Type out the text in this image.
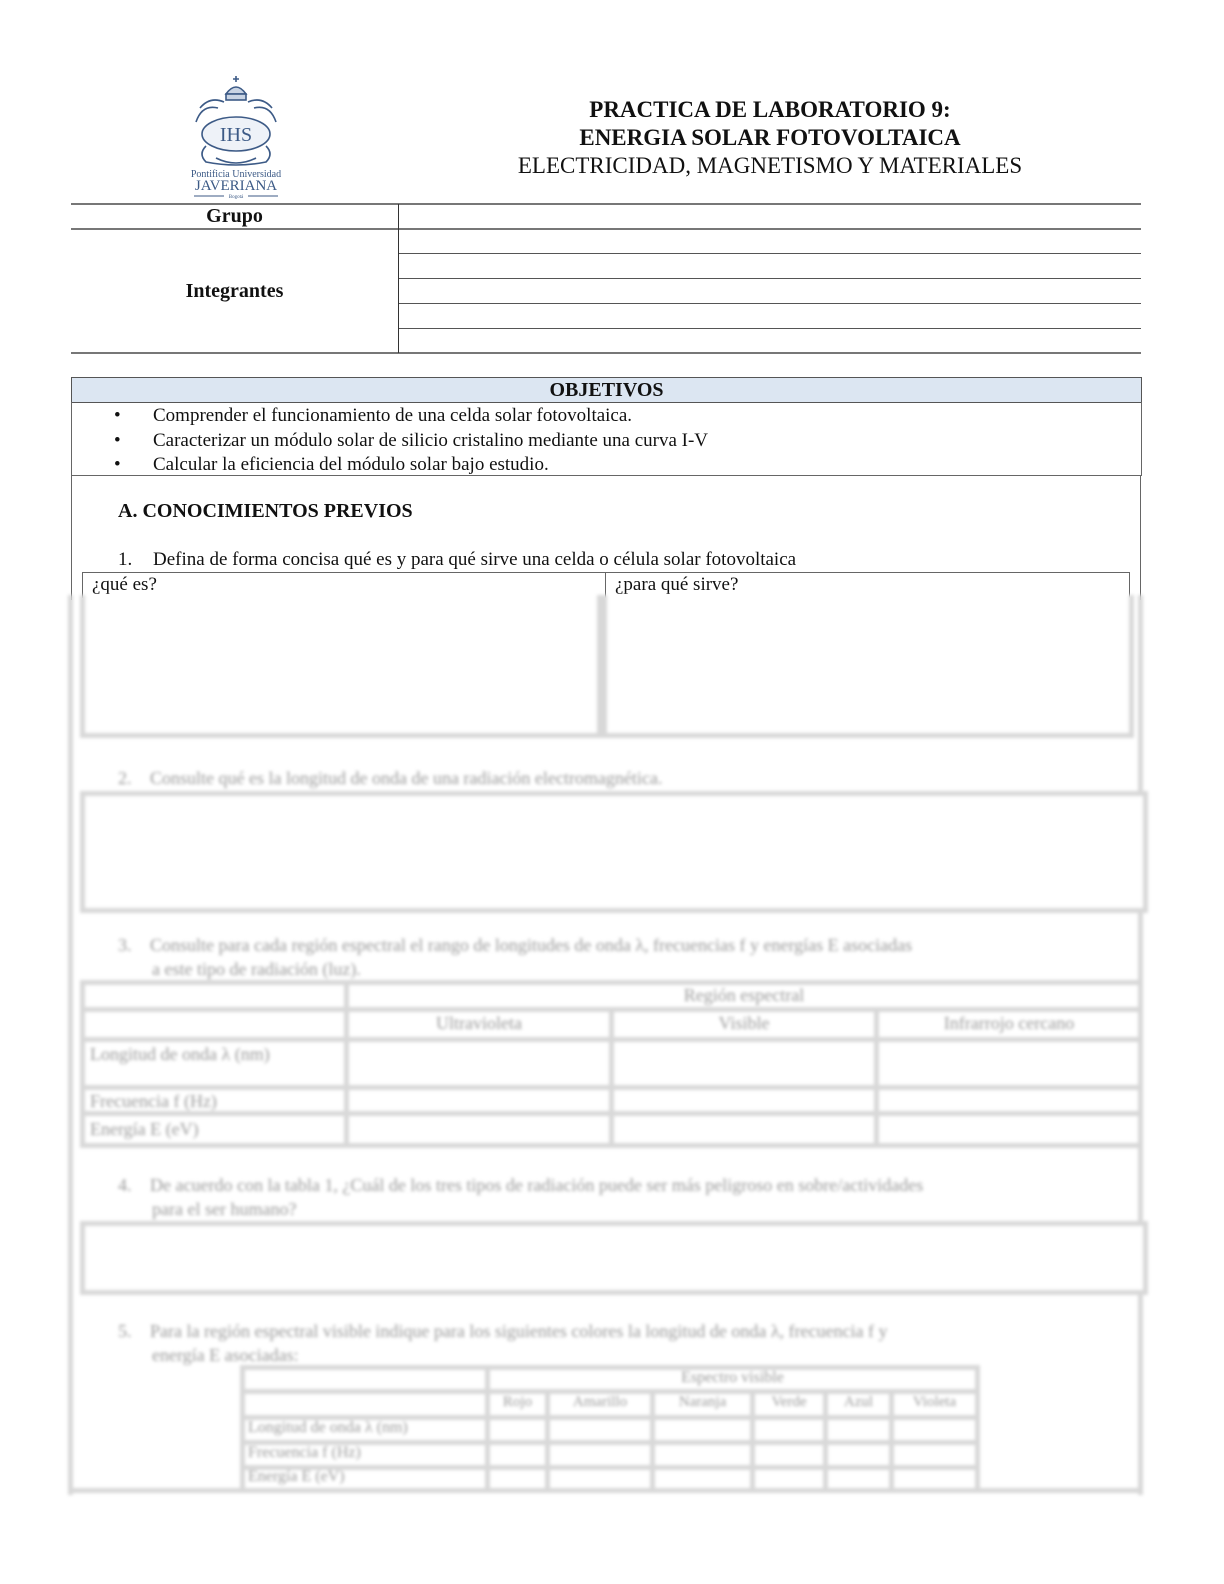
IHS
Pontificia Universidad
JAVERIANA
Bogotá
PRACTICA DE LABORATORIO 9:
ENERGIA SOLAR FOTOVOLTAICA
ELECTRICIDAD, MAGNETISMO Y MATERIALES
Grupo
Integrantes
OBJETIVOS
• Comprender el funcionamiento de una celda solar fotovoltaica.
• Caracterizar un módulo solar de silicio cristalino mediante una curva I-V
• Calcular la eficiencia del módulo solar bajo estudio.
A. CONOCIMIENTOS PREVIOS
1. Defina de forma concisa qué es y para qué sirve una celda o célula solar fotovoltaica
¿qué es?	¿para qué sirve?
2. Consulte qué es la longitud de onda de una radiación electromagnética.
3. Consulte para cada región espectral el rango de longitudes de onda λ, frecuencias f y energías E asociadas
a este tipo de radiación (luz).
Región espectral
Ultravioleta	Visible	Infrarrojo cercano
Longitud de onda λ (nm)
Frecuencia f (Hz)
Energía E (eV)
4. De acuerdo con la tabla 1, ¿Cuál de los tres tipos de radiación puede ser más peligroso en sobre/actividades
para el ser humano?
5. Para la región espectral visible indique para los siguientes colores la longitud de onda λ, frecuencia f y
energía E asociadas:
Espectro visible
Rojo	Amarillo	Naranja	Verde	Azul	Violeta
Longitud de onda λ (nm)
Frecuencia f (Hz)
Energía E (eV)
